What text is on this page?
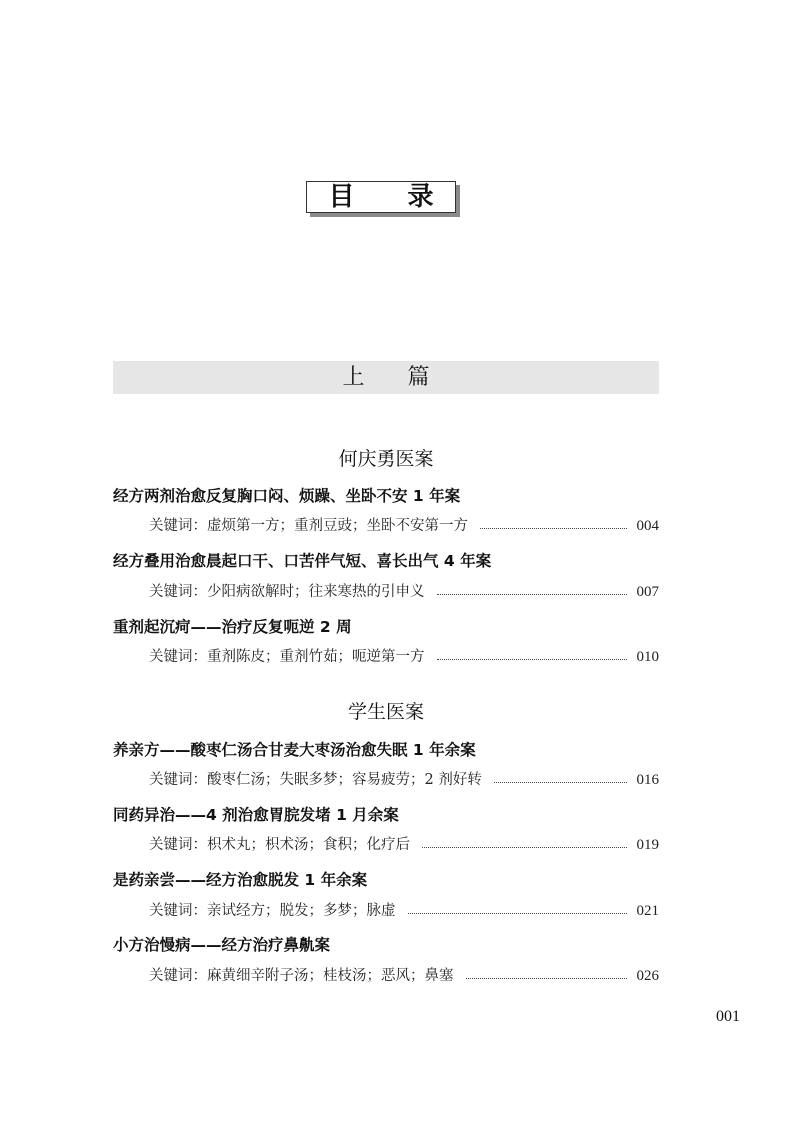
目 录
上 篇
何庆勇医案
经方两剂治愈反复胸口闷、烦躁、坐卧不安 1 年案
关键词： 虚烦第一方；重剂豆豉；坐卧不安第一方	004
经方叠用治愈晨起口干、口苦伴气短、喜长出气 4 年案
关键词： 少阳病欲解时；往来寒热的引申义	007
重剂起沉疴——治疗反复呃逆 2 周
关键词： 重剂陈皮；重剂竹茹；呃逆第一方	010
学生医案
养亲方——酸枣仁汤合甘麦大枣汤治愈失眠 1 年余案
关键词： 酸枣仁汤；失眠多梦；容易疲劳；2 剂好转	016
同药异治——4 剂治愈胃脘发堵 1 月余案
关键词： 枳术丸；枳术汤；食积；化疗后	019
是药亲尝——经方治愈脱发 1 年余案
关键词： 亲试经方；脱发；多梦；脉虚	021
小方治慢病——经方治疗鼻鼽案
关键词： 麻黄细辛附子汤；桂枝汤；恶风；鼻塞	026
001
